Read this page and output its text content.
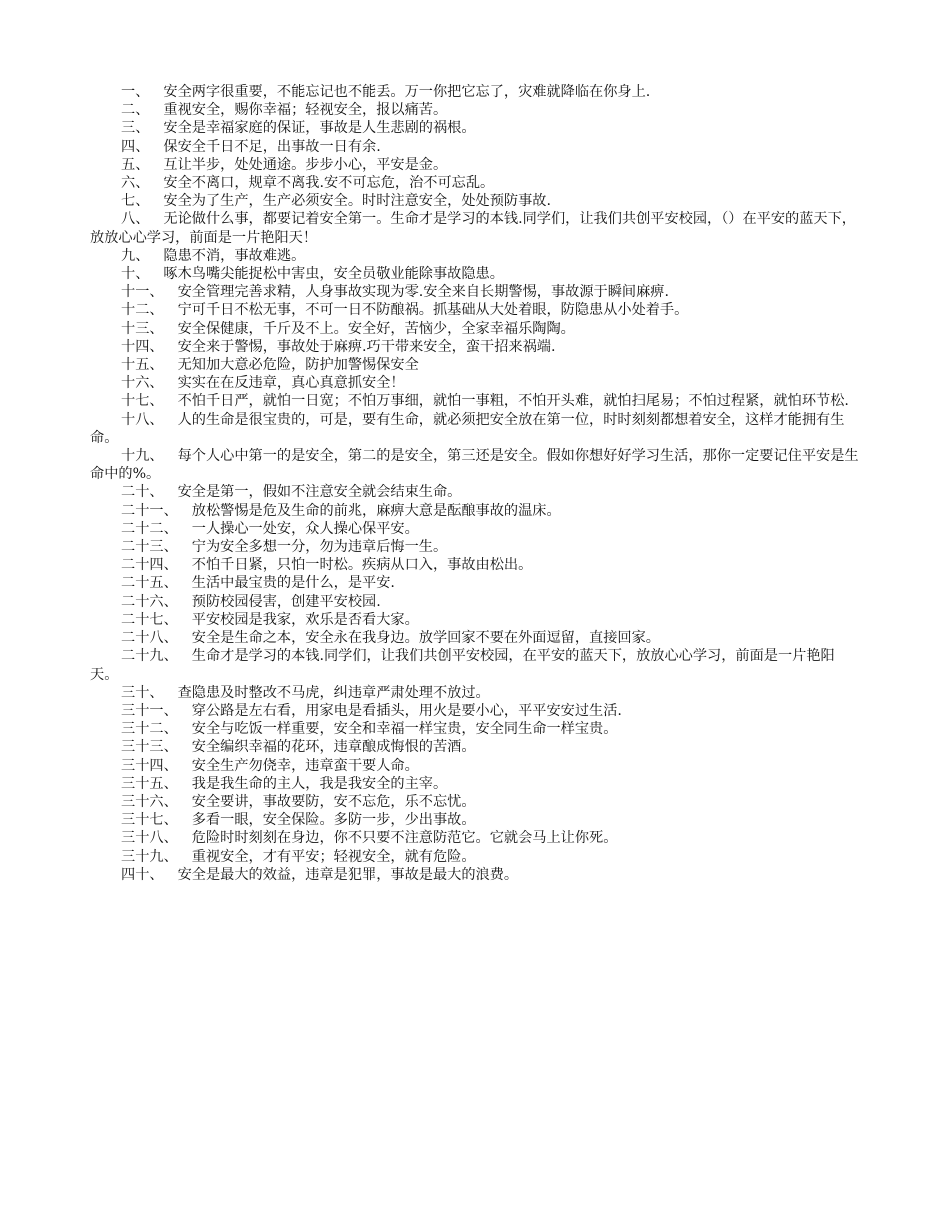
一、 安全两字很重要，不能忘记也不能丢。万一你把它忘了，灾难就降临在你身上.

二、 重视安全，赐你幸福；轻视安全，报以痛苦。

三、 安全是幸福家庭的保证，事故是人生悲剧的祸根。

四、 保安全千日不足，出事故一日有余.

五、 互让半步，处处通途。步步小心，平安是金。

六、 安全不离口，规章不离我.安不可忘危，治不可忘乱。

七、 安全为了生产，生产必须安全。时时注意安全，处处预防事故.

八、 无论做什么事，都要记着安全第一。生命才是学习的本钱.同学们，让我们共创平安校园，（）在平安的蓝天下，放放心心学习，前面是一片艳阳天！

九、 隐患不消，事故难逃。

十、 啄木鸟嘴尖能捉松中害虫，安全员敬业能除事故隐患。

十一、 安全管理完善求精，人身事故实现为零.安全来自长期警惕，事故源于瞬间麻痹.

十二、 宁可千日不松无事，不可一日不防酿祸。抓基础从大处着眼，防隐患从小处着手。

十三、 安全保健康，千斤及不上。安全好，苦恼少，全家幸福乐陶陶。

十四、 安全来于警惕，事故处于麻痹.巧干带来安全，蛮干招来祸端.

十五、 无知加大意必危险，防护加警惕保安全

十六、 实实在在反违章，真心真意抓安全！

十七、 不怕千日严，就怕一日宽；不怕万事细，就怕一事粗，不怕开头难，就怕扫尾易；不怕过程紧，就怕环节松.

十八、 人的生命是很宝贵的，可是，要有生命，就必须把安全放在第一位，时时刻刻都想着安全，这样才能拥有生命。

十九、 每个人心中第一的是安全，第二的是安全，第三还是安全。假如你想好好学习生活，那你一定要记住平安是生命中的%。

二十、 安全是第一，假如不注意安全就会结束生命。

二十一、 放松警惕是危及生命的前兆，麻痹大意是酝酿事故的温床。

二十二、 一人操心一处安，众人操心保平安。

二十三、 宁为安全多想一分，勿为违章后悔一生。

二十四、 不怕千日紧，只怕一时松。疾病从口入，事故由松出。

二十五、 生活中最宝贵的是什么，是平安.

二十六、 预防校园侵害，创建平安校园.

二十七、 平安校园是我家，欢乐是否看大家。

二十八、 安全是生命之本，安全永在我身边。放学回家不要在外面逗留，直接回家。

二十九、 生命才是学习的本钱.同学们，让我们共创平安校园，在平安的蓝天下，放放心心学习，前面是一片艳阳天。

三十、 查隐患及时整改不马虎，纠违章严肃处理不放过。

三十一、 穿公路是左右看，用家电是看插头，用火是要小心，平平安安过生活.

三十二、 安全与吃饭一样重要，安全和幸福一样宝贵，安全同生命一样宝贵。

三十三、 安全编织幸福的花环，违章酿成悔恨的苦酒。

三十四、 安全生产勿侥幸，违章蛮干要人命。

三十五、 我是我生命的主人，我是我安全的主宰。

三十六、 安全要讲，事故要防，安不忘危，乐不忘忧。

三十七、 多看一眼，安全保险。多防一步，少出事故。

三十八、 危险时时刻刻在身边，你不只要不注意防范它。它就会马上让你死。

三十九、 重视安全，才有平安；轻视安全，就有危险。

四十、 安全是最大的效益，违章是犯罪，事故是最大的浪费。
